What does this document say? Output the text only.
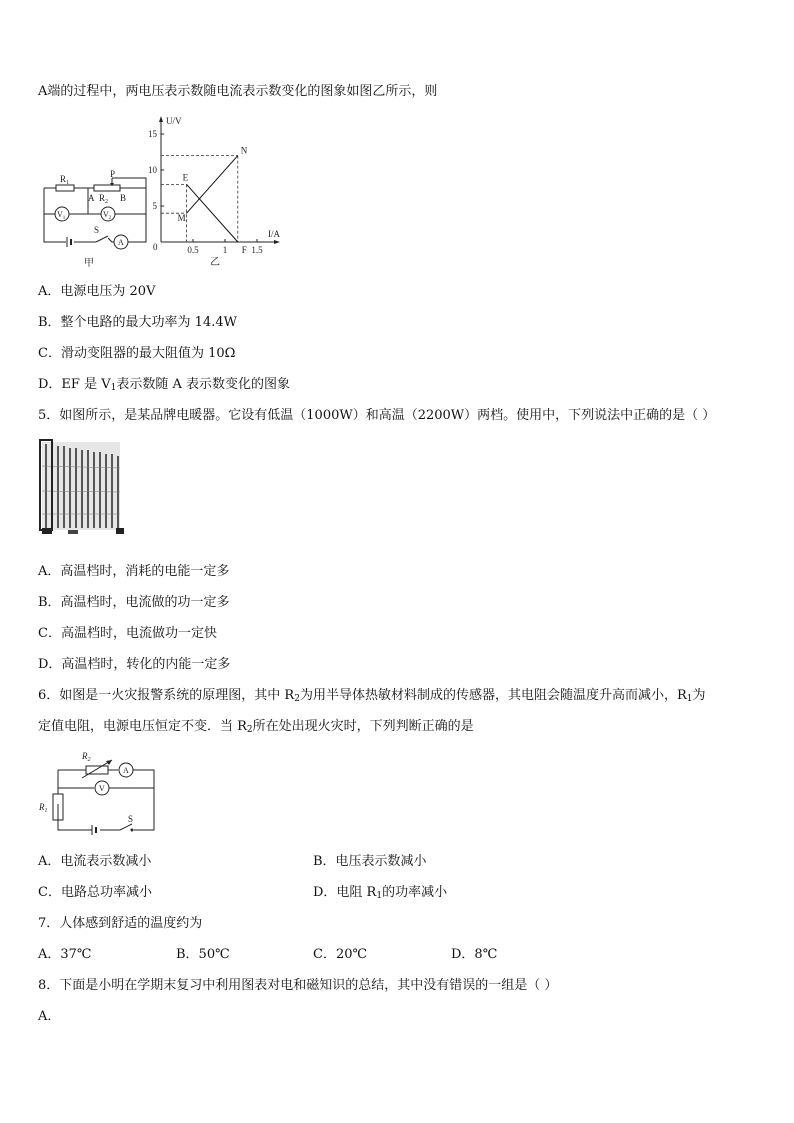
A端的过程中，两电压表示数随电流表示数变化的图象如图乙所示，则
$R_1$
P
A $R_2$ B
$V_1$	$V_2$
S
A
甲
15
10
5
0.5	1	1.5
N
E
M
F
U/V
I/A
0
乙
A．电源电压为 20V
B．整个电路的最大功率为 14.4W
C．滑动变阻器的最大阻值为 10Ω
D．EF 是 $V_1$表示数随 A 表示数变化的图象
5．如图所示，是某品牌电暖器。它设有低温（1000W）和高温（2200W）两档。使用中，下列说法中正确的是（ ）
A．高温档时，消耗的电能一定多
B．高温档时，电流做的功一定多
C．高温档时，电流做功一定快
D．高温档时，转化的内能一定多
6．如图是一火灾报警系统的原理图，其中 $R_2$为用半导体热敏材料制成的传感器，其电阻会随温度升高而减小，$R_1$为
定值电阻，电源电压恒定不变．当 $R_2$所在处出现火灾时，下列判断正确的是
$R_2$
$R_1$
A
V
S
A．电流表示数减小	B．电压表示数减小
C．电路总功率减小	D．电阻 $R_1$的功率减小
7．人体感到舒适的温度约为
A．37℃	B．50℃	C．20℃	D．8℃
8．下面是小明在学期末复习中利用图表对电和磁知识的总结，其中没有错误的一组是（ ）
A．
